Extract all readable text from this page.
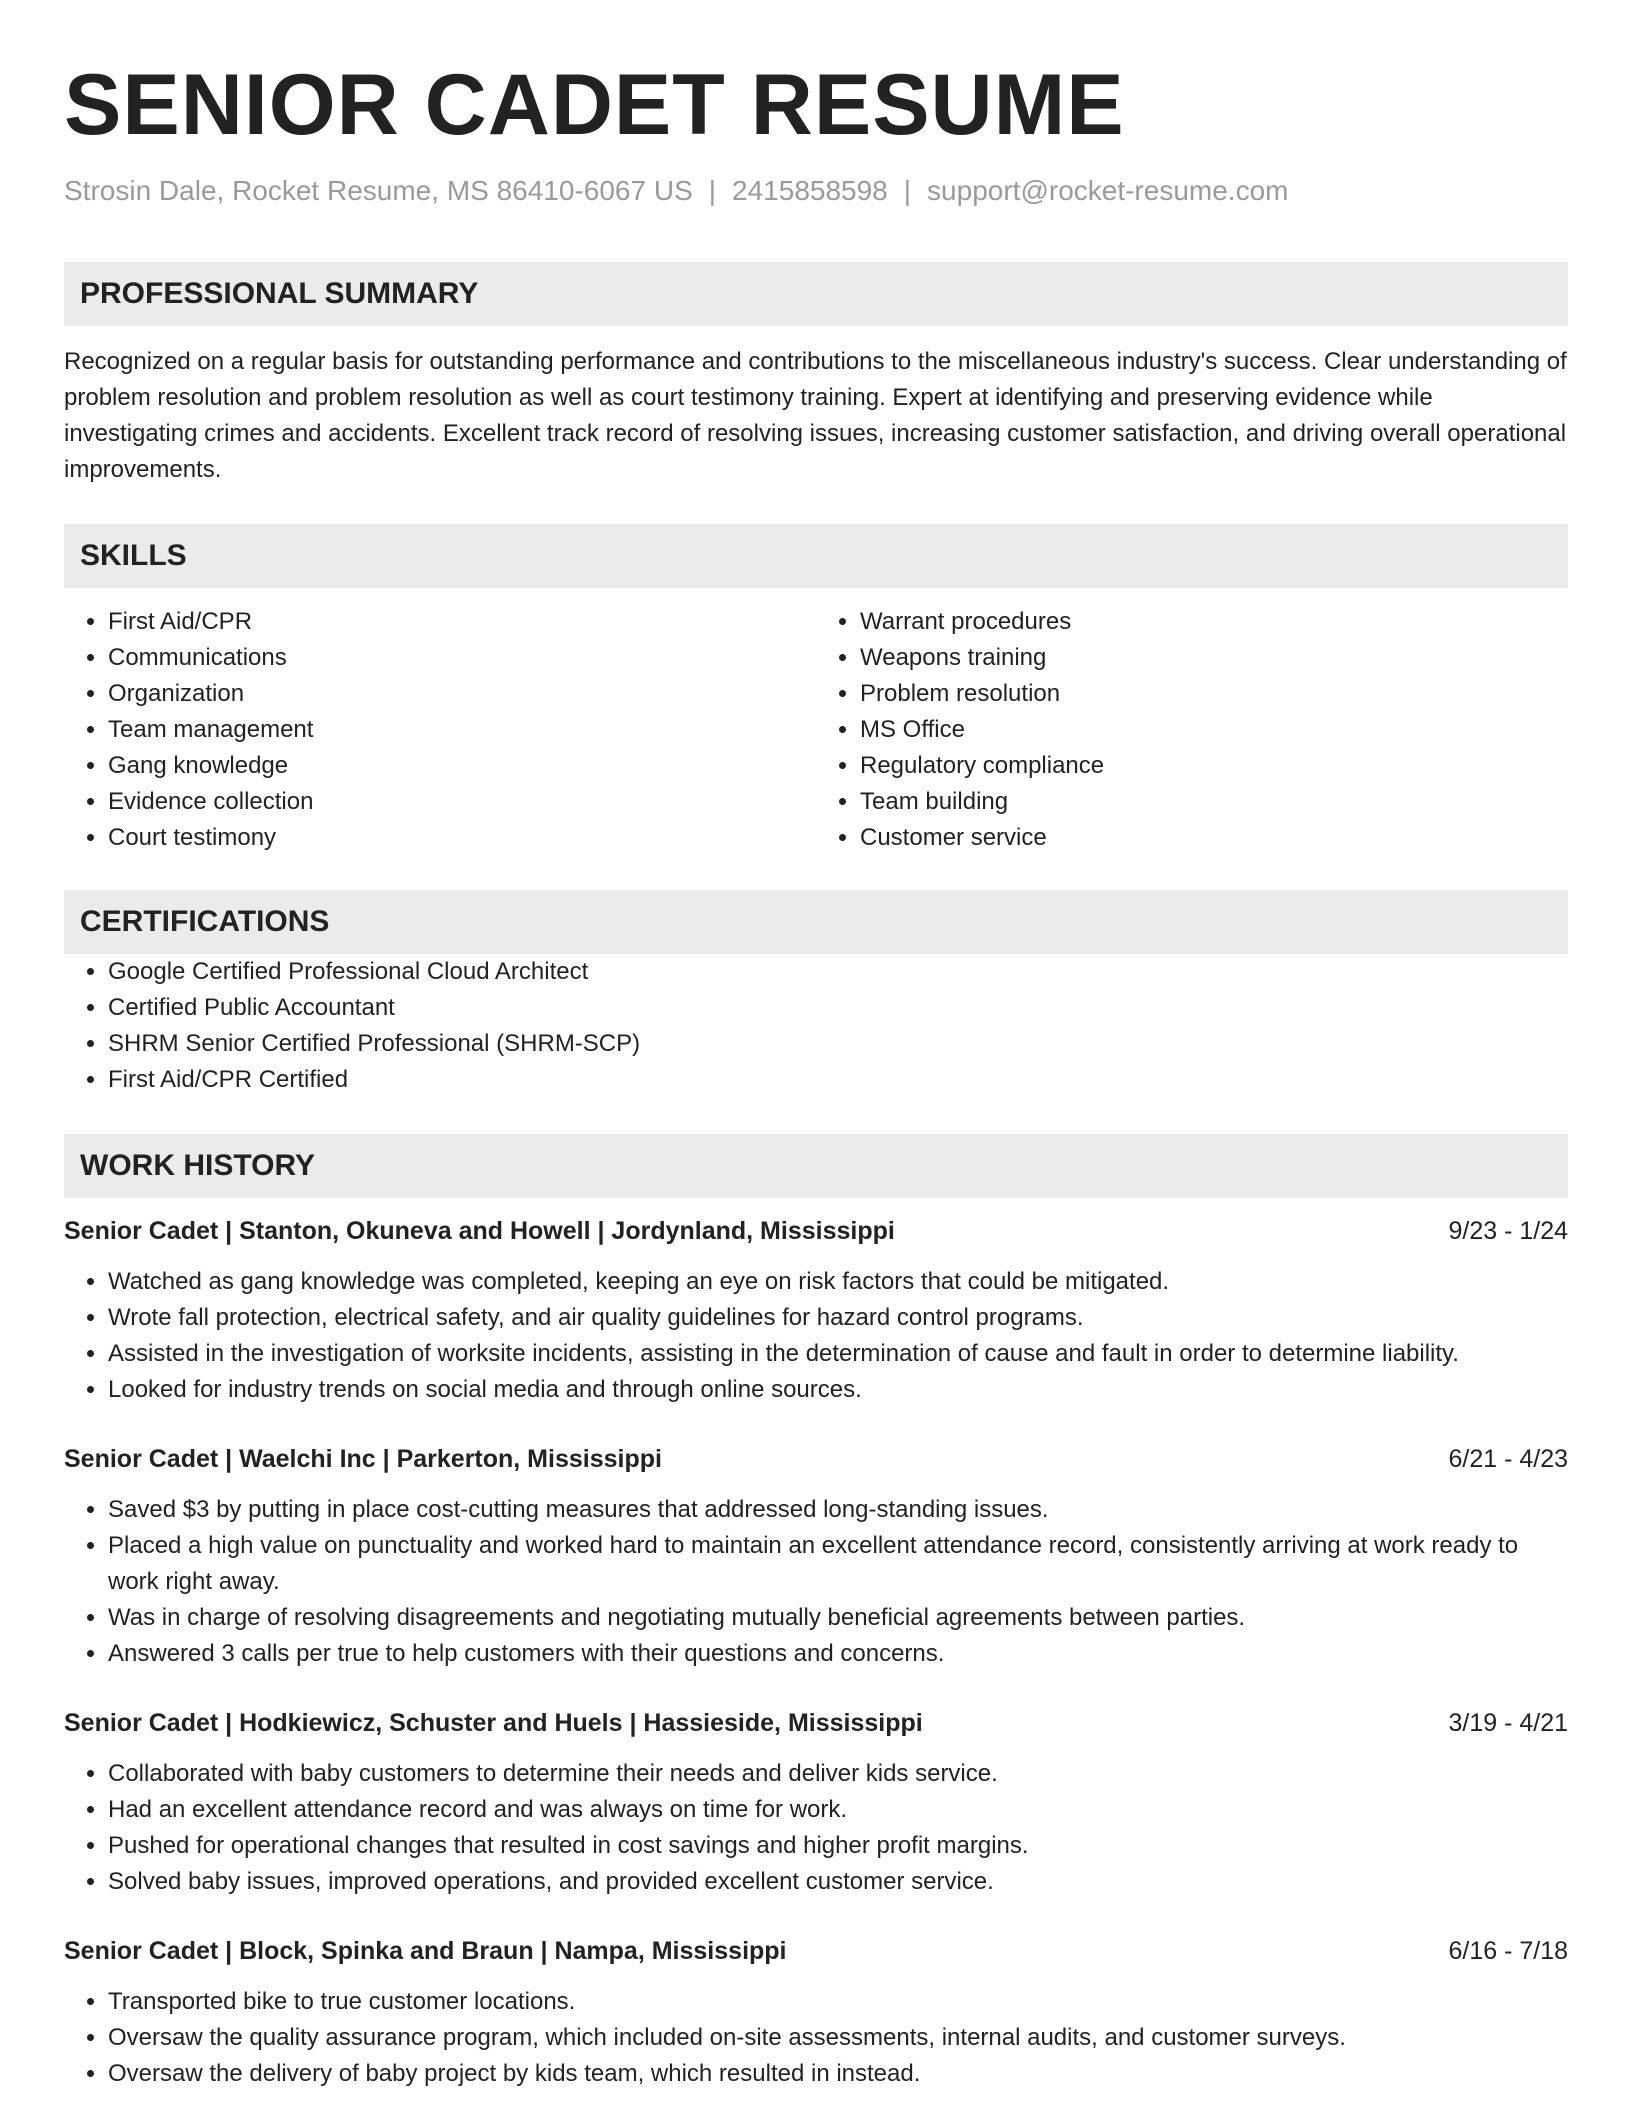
SENIOR CADET RESUME
Strosin Dale, Rocket Resume, MS 86410-6067 US | 2415858598 | support@rocket-resume.com
PROFESSIONAL SUMMARY
Recognized on a regular basis for outstanding performance and contributions to the miscellaneous industry's success. Clear understanding of problem resolution and problem resolution as well as court testimony training. Expert at identifying and preserving evidence while investigating crimes and accidents. Excellent track record of resolving issues, increasing customer satisfaction, and driving overall operational improvements.
SKILLS
• First Aid/CPR
• Communications
• Organization
• Team management
• Gang knowledge
• Evidence collection
• Court testimony
• Warrant procedures
• Weapons training
• Problem resolution
• MS Office
• Regulatory compliance
• Team building
• Customer service
CERTIFICATIONS
• Google Certified Professional Cloud Architect
• Certified Public Accountant
• SHRM Senior Certified Professional (SHRM-SCP)
• First Aid/CPR Certified
WORK HISTORY
Senior Cadet | Stanton, Okuneva and Howell | Jordynland, Mississippi	9/23 - 1/24
• Watched as gang knowledge was completed, keeping an eye on risk factors that could be mitigated.
• Wrote fall protection, electrical safety, and air quality guidelines for hazard control programs.
• Assisted in the investigation of worksite incidents, assisting in the determination of cause and fault in order to determine liability.
• Looked for industry trends on social media and through online sources.
Senior Cadet | Waelchi Inc | Parkerton, Mississippi	6/21 - 4/23
• Saved $3 by putting in place cost-cutting measures that addressed long-standing issues.
• Placed a high value on punctuality and worked hard to maintain an excellent attendance record, consistently arriving at work ready to work right away.
• Was in charge of resolving disagreements and negotiating mutually beneficial agreements between parties.
• Answered 3 calls per true to help customers with their questions and concerns.
Senior Cadet | Hodkiewicz, Schuster and Huels | Hassieside, Mississippi	3/19 - 4/21
• Collaborated with baby customers to determine their needs and deliver kids service.
• Had an excellent attendance record and was always on time for work.
• Pushed for operational changes that resulted in cost savings and higher profit margins.
• Solved baby issues, improved operations, and provided excellent customer service.
Senior Cadet | Block, Spinka and Braun | Nampa, Mississippi	6/16 - 7/18
• Transported bike to true customer locations.
• Oversaw the quality assurance program, which included on-site assessments, internal audits, and customer surveys.
• Oversaw the delivery of baby project by kids team, which resulted in instead.
